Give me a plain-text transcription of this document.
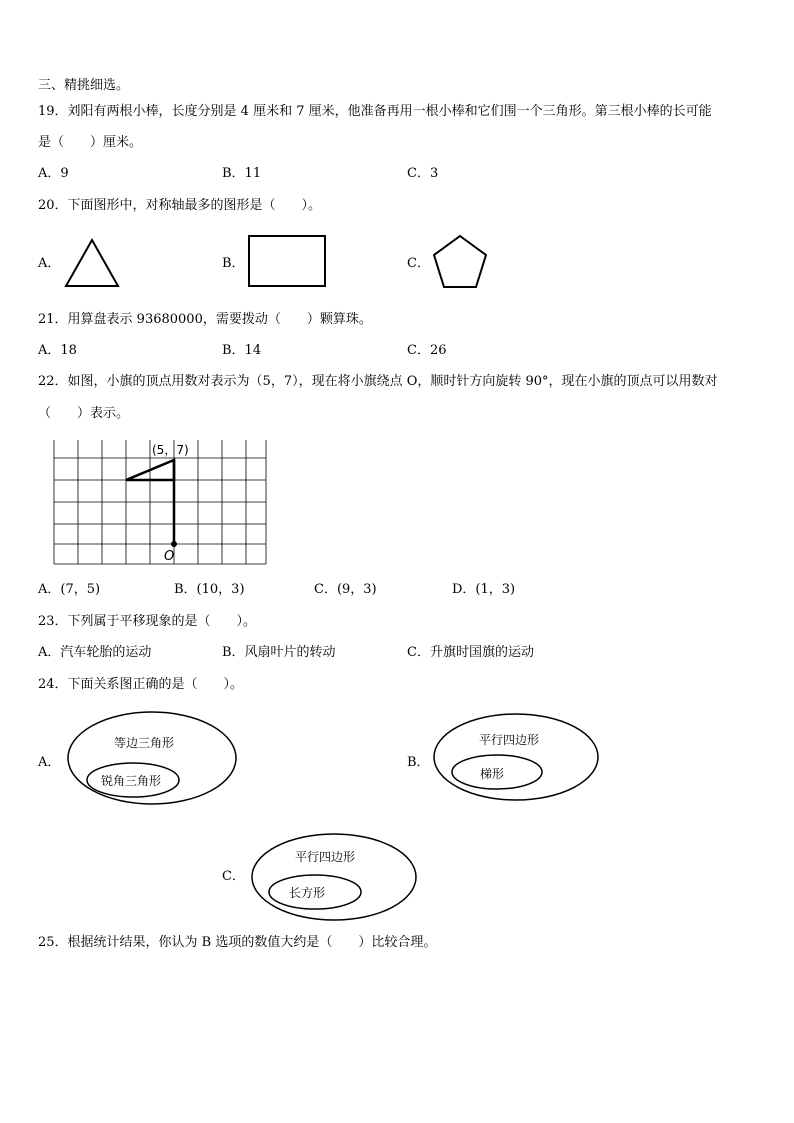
三、精挑细选。
19．刘阳有两根小棒，长度分别是 4 厘米和 7 厘米，他准备再用一根小棒和它们围一个三角形。第三根小棒的长可能
是（　　）厘米。
A．9	B．11	C．3
20．下面图形中，对称轴最多的图形是（　　）。
A．	B．	C．
21．用算盘表示 93680000，需要拨动（　　）颗算珠。
A．18	B．14	C．26
22．如图，小旗的顶点用数对表示为（5，7），现在将小旗绕点 O，顺时针方向旋转 90°，现在小旗的顶点可以用数对
（　　）表示。
(5，7)
O
A．(7，5)	B．(10，3)	C．(9，3)	D．(1，3)
23．下列属于平移现象的是（　　）。
A．汽车轮胎的运动	B．风扇叶片的转动	C．升旗时国旗的运动
24．下面关系图正确的是（　　）。
A．
等边三角形
锐角三角形
B．
平行四边形
梯形
C．
平行四边形
长方形
25．根据统计结果，你认为 B 选项的数值大约是（　　）比较合理。
